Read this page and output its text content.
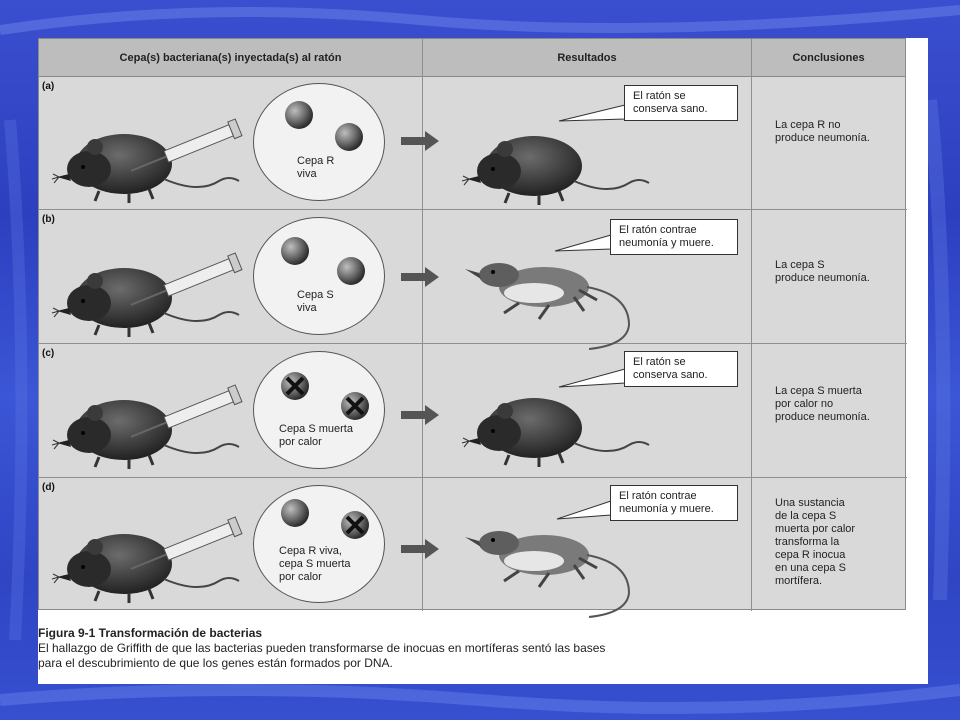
Cepa(s) bacteriana(s) inyectada(s) al ratón	Resultados	Conclusiones
(a)
(b)
(c)
(d)
Cepa R
viva
Cepa S
viva
Cepa S muerta
por calor
Cepa R viva,
cepa S muerta
por calor
El ratón se
conserva sano.
El ratón contrae
neumonía y muere.
El ratón se
conserva sano.
El ratón contrae
neumonía y muere.
La cepa R no
produce neumonía.
La cepa S
produce neumonía.
La cepa S muerta
por calor no
produce neumonía.
Una sustancia
de la cepa S
muerta por calor
transforma la
cepa R inocua
en una cepa S
mortífera.
Figura 9-1 Transformación de bacterias
El hallazgo de Griffith de que las bacterias pueden transformarse de inocuas en mortíferas sentó las bases
para el descubrimiento de que los genes están formados por DNA.
